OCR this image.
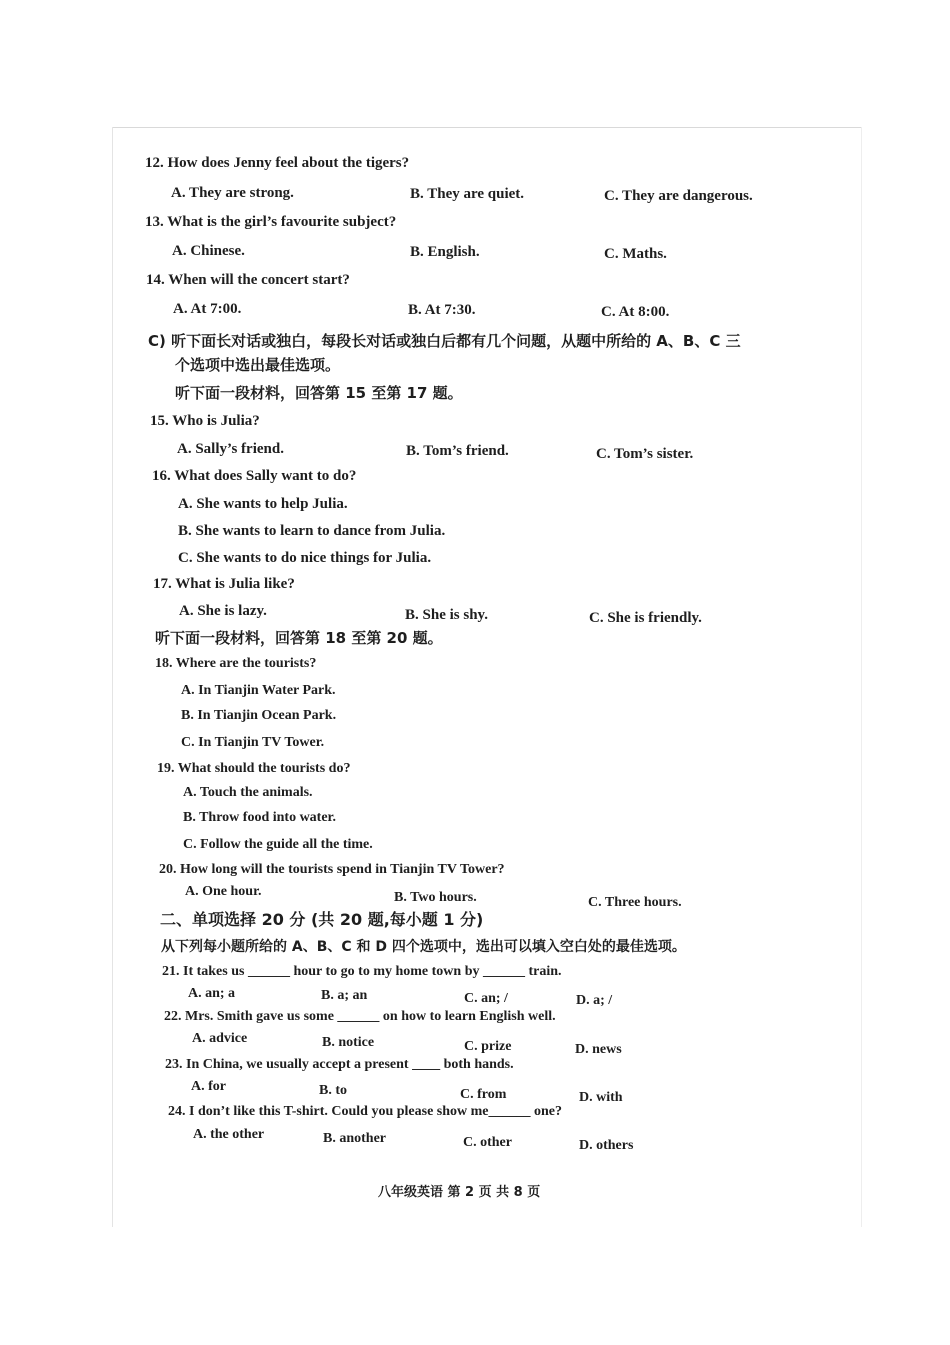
12. How does Jenny feel about the tigers?
A. They are strong.	B. They are quiet.	C. They are dangerous.
13. What is the girl’s favourite subject?
A. Chinese.	B. English.	C. Maths.
14. When will the concert start?
A. At 7:00.	B. At 7:30.	C. At 8:00.
C) 听下面长对话或独白，每段长对话或独白后都有几个问题，从题中所给的 A、B、C 三
个选项中选出最佳选项。
听下面一段材料，回答第 15 至第 17 题。
15. Who is Julia?
A. Sally’s friend.	B. Tom’s friend.	C. Tom’s sister.
16. What does Sally want to do?
A. She wants to help Julia.
B. She wants to learn to dance from Julia.
C. She wants to do nice things for Julia.
17. What is Julia like?
A. She is lazy.	B. She is shy.	C. She is friendly.
听下面一段材料，回答第 18 至第 20 题。
18. Where are the tourists?
A. In Tianjin Water Park.
B. In Tianjin Ocean Park.
C. In Tianjin TV Tower.
19. What should the tourists do?
A. Touch the animals.
B. Throw food into water.
C. Follow the guide all the time.
20. How long will the tourists spend in Tianjin TV Tower?
A. One hour.	B. Two hours.	C. Three hours.
二、单项选择 20 分 (共 20 题,每小题 1 分)
从下列每小题所给的 A、B、C 和 D 四个选项中，选出可以填入空白处的最佳选项。
21. It takes us ______ hour to go to my home town by ______ train.
A. an; a	B. a; an	C. an; /	D. a; /
22. Mrs. Smith gave us some ______ on how to learn English well.
A. advice	B. notice	C. prize	D. news
23. In China, we usually accept a present ____ both hands.
A. for	B. to	C. from	D. with
24. I don’t like this T-shirt. Could you please show me______ one?
A. the other	B. another	C. other	D. others
八年级英语 第 2 页 共 8 页
